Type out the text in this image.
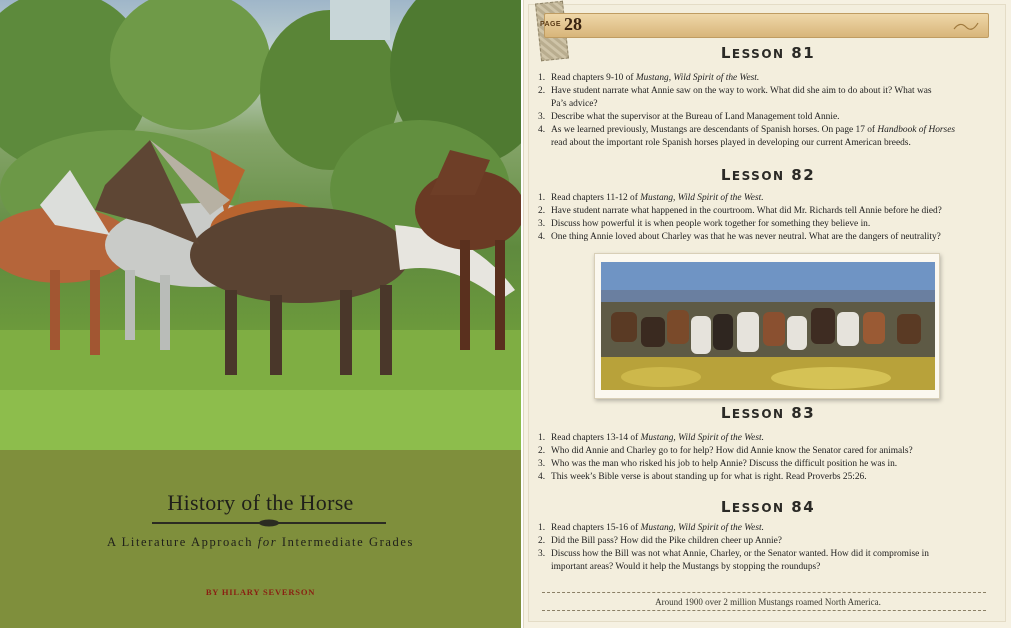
History of the Horse
A Literature Approach for Intermediate Grades
BY HILARY SEVERSON
PAGE 28
LESSON 81
1. Read chapters 9-10 of Mustang, Wild Spirit of the West.
2. Have student narrate what Annie saw on the way to work. What did she aim to do about it? What was
Pa’s advice?
3. Describe what the supervisor at the Bureau of Land Management told Annie.
4. As we learned previously, Mustangs are descendants of Spanish horses. On page 17 of Handbook of Horses
read about the important role Spanish horses played in developing our current American breeds.
LESSON 82
1. Read chapters 11-12 of Mustang, Wild Spirit of the West.
2. Have student narrate what happened in the courtroom. What did Mr. Richards tell Annie before he died?
3. Discuss how powerful it is when people work together for something they believe in.
4. One thing Annie loved about Charley was that he was never neutral. What are the dangers of neutrality?
LESSON 83
1. Read chapters 13-14 of Mustang, Wild Spirit of the West.
2. Who did Annie and Charley go to for help? How did Annie know the Senator cared for animals?
3. Who was the man who risked his job to help Annie? Discuss the difficult position he was in.
4. This week’s Bible verse is about standing up for what is right. Read Proverbs 25:26.
LESSON 84
1. Read chapters 15-16 of Mustang, Wild Spirit of the West.
2. Did the Bill pass? How did the Pike children cheer up Annie?
3. Discuss how the Bill was not what Annie, Charley, or the Senator wanted. How did it compromise in
important areas? Would it help the Mustangs by stopping the roundups?
Around 1900 over 2 million Mustangs roamed North America.
